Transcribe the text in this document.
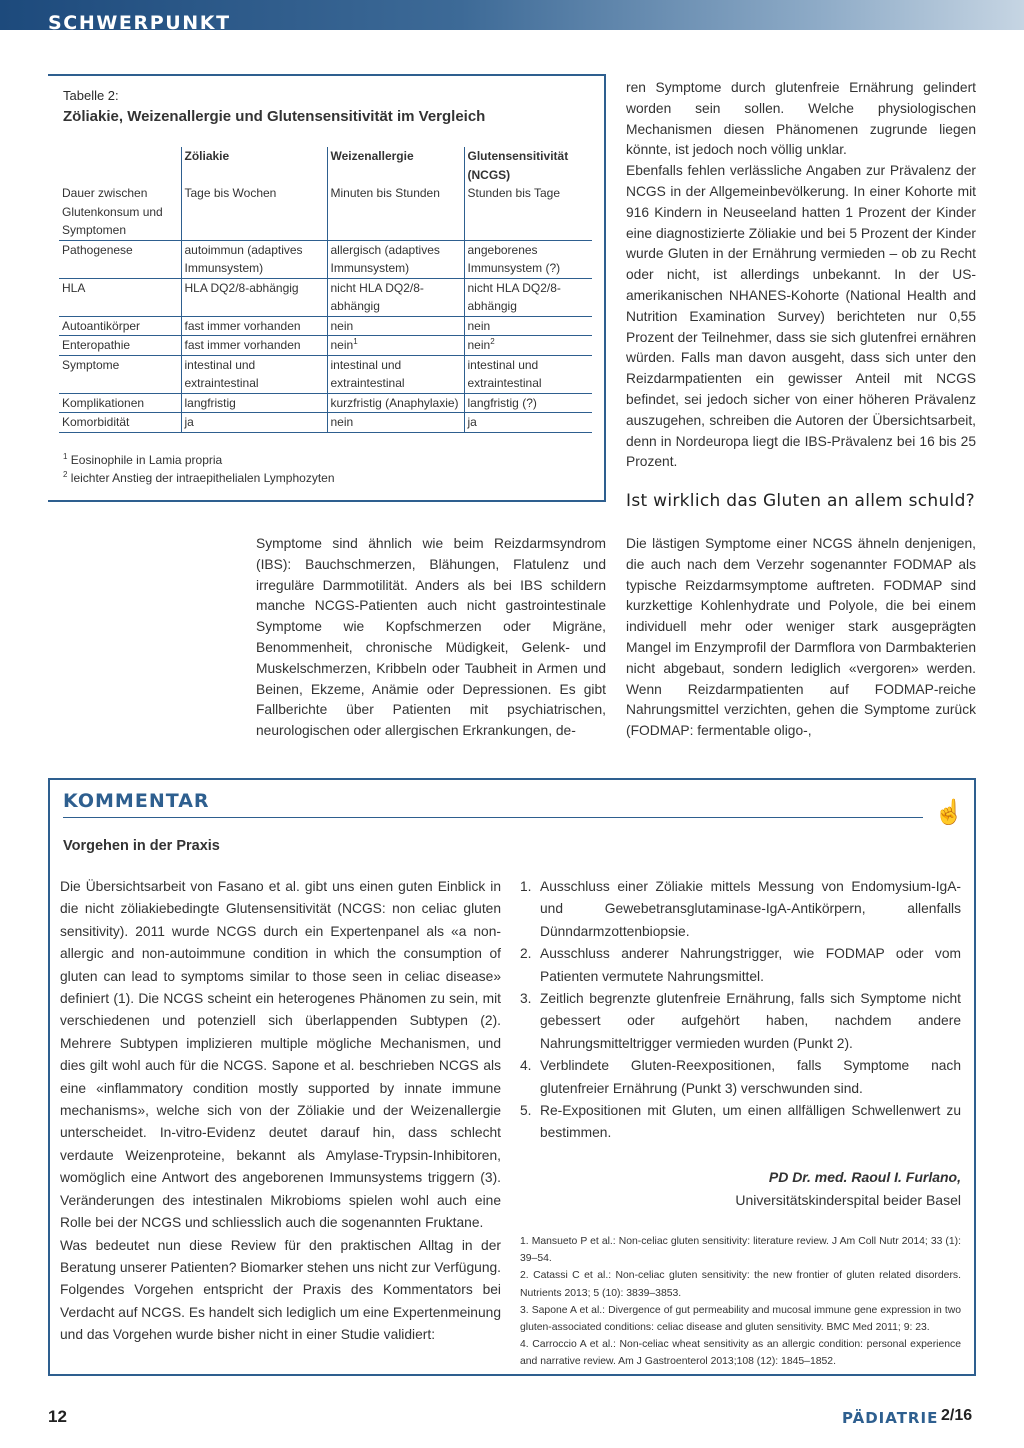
SCHWERPUNKT
Tabelle 2:
Zöliakie, Weizenallergie und Glutensensitivität im Vergleich
	Zöliakie	Weizenallergie	Glutensensitivität (NCGS)
Dauer zwischen Glutenkonsum und Symptomen	Tage bis Wochen	Minuten bis Stunden	Stunden bis Tage
Pathogenese	autoimmun (adaptives Immunsystem)	allergisch (adaptives Immunsystem)	angeborenes Immunsystem (?)
HLA	HLA DQ2/8-abhängig	nicht HLA DQ2/8-abhängig	nicht HLA DQ2/8-abhängig
Autoantikörper	fast immer vorhanden	nein	nein
Enteropathie	fast immer vorhanden	nein$^1$	nein$^2$
Symptome	intestinal und extraintestinal	intestinal und extraintestinal	intestinal und extraintestinal
Komplikationen	langfristig	kurzfristig (Anaphylaxie)	langfristig (?)
Komorbidität	ja	nein	ja
$^1$ Eosinophile in Lamia propria
$^2$ leichter Anstieg der intraepithelialen Lymphozyten

ren Symptome durch glutenfreie Ernährung gelindert worden sein sollen. Welche physiologischen Mechanismen diesen Phänomenen zugrunde liegen könnte, ist jedoch noch völlig unklar.

Ebenfalls fehlen verlässliche Angaben zur Prävalenz der NCGS in der Allgemeinbevölkerung. In einer Kohorte mit 916 Kindern in Neuseeland hatten 1 Prozent der Kinder eine diagnostizierte Zöliakie und bei 5 Prozent der Kinder wurde Gluten in der Ernährung vermieden – ob zu Recht oder nicht, ist allerdings unbekannt. In der US-amerikanischen NHANES-Kohorte (National Health and Nutrition Examination Survey) berichteten nur 0,55 Prozent der Teilnehmer, dass sie sich glutenfrei ernähren würden. Falls man davon ausgeht, dass sich unter den Reizdarmpatienten ein gewisser Anteil mit NCGS befindet, sei jedoch sicher von einer höheren Prävalenz auszugehen, schreiben die Autoren der Übersichtsarbeit, denn in Nordeuropa liegt die IBS-Prävalenz bei 16 bis 25 Prozent.

Ist wirklich das Gluten an allem schuld?

Die lästigen Symptome einer NCGS ähneln denjenigen, die auch nach dem Verzehr sogenannter FODMAP als typische Reizdarmsymptome auftreten. FODMAP sind kurzkettige Kohlenhydrate und Polyole, die bei einem individuell mehr oder weniger stark ausgeprägten Mangel im Enzymprofil der Darmflora von Darmbakterien nicht abgebaut, sondern lediglich «vergoren» werden. Wenn Reizdarmpatienten auf FODMAP-reiche Nahrungsmittel verzichten, gehen die Symptome zurück (FODMAP: fermentable oligo-,

Symptome sind ähnlich wie beim Reizdarmsyndrom (IBS): Bauchschmerzen, Blähungen, Flatulenz und irreguläre Darmmotilität. Anders als bei IBS schildern manche NCGS-Patienten auch nicht gastrointestinale Symptome wie Kopfschmerzen oder Migräne, Benommenheit, chronische Müdigkeit, Gelenk- und Muskelschmerzen, Kribbeln oder Taubheit in Armen und Beinen, Ekzeme, Anämie oder Depressionen. Es gibt Fallberichte über Patienten mit psychiatrischen, neurologischen oder allergischen Erkrankungen, de-

KOMMENTAR	☝
Vorgehen in der Praxis

Die Übersichtsarbeit von Fasano et al. gibt uns einen guten Einblick in die nicht zöliakiebedingte Glutensensitivität (NCGS: non celiac gluten sensitivity). 2011 wurde NCGS durch ein Expertenpanel als «a non-allergic and non-autoimmune condition in which the consumption of gluten can lead to symptoms similar to those seen in celiac disease» definiert (1). Die NCGS scheint ein heterogenes Phänomen zu sein, mit verschiedenen und potenziell sich überlappenden Subtypen (2). Mehrere Subtypen implizieren multiple mögliche Mechanismen, und dies gilt wohl auch für die NCGS. Sapone et al. beschrieben NCGS als eine «inflammatory condition mostly supported by innate immune mechanisms», welche sich von der Zöliakie und der Weizenallergie unterscheidet. In-vitro-Evidenz deutet darauf hin, dass schlecht verdaute Weizenproteine, bekannt als Amylase-Trypsin-Inhibitoren, womöglich eine Antwort des angeborenen Immunsystems triggern (3). Veränderungen des intestinalen Mikrobioms spielen wohl auch eine Rolle bei der NCGS und schliesslich auch die sogenannten Fruktane.

Was bedeutet nun diese Review für den praktischen Alltag in der Beratung unserer Patienten? Biomarker stehen uns nicht zur Verfügung. Folgendes Vorgehen entspricht der Praxis des Kommentators bei Verdacht auf NCGS. Es handelt sich lediglich um eine Expertenmeinung und das Vorgehen wurde bisher nicht in einer Studie validiert:

1. Ausschluss einer Zöliakie mittels Messung von Endomysium-IgA- und Gewebetransglutaminase-IgA-Antikörpern, allenfalls Dünndarmzottenbiopsie.
2. Ausschluss anderer Nahrungstrigger, wie FODMAP oder vom Patienten vermutete Nahrungsmittel.
3. Zeitlich begrenzte glutenfreie Ernährung, falls sich Symptome nicht gebessert oder aufgehört haben, nachdem andere Nahrungsmitteltrigger vermieden wurden (Punkt 2).
4. Verblindete Gluten-Reexpositionen, falls Symptome nach glutenfreier Ernährung (Punkt 3) verschwunden sind.
5. Re-Expositionen mit Gluten, um einen allfälligen Schwellenwert zu bestimmen.
PD Dr. med. Raoul I. Furlano,
Universitätskinderspital beider Basel

1. Mansueto P et al.: Non-celiac gluten sensitivity: literature review. J Am Coll Nutr 2014; 33 (1): 39–54.

2. Catassi C et al.: Non-celiac gluten sensitivity: the new frontier of gluten related disorders. Nutrients 2013; 5 (10): 3839–3853.

3. Sapone A et al.: Divergence of gut permeability and mucosal immune gene expression in two gluten-associated conditions: celiac disease and gluten sensitivity. BMC Med 2011; 9: 23.

4. Carroccio A et al.: Non-celiac wheat sensitivity as an allergic condition: personal experience and narrative review. Am J Gastroenterol 2013;108 (12): 1845–1852.

12	PÄDIATRIE 2/16
